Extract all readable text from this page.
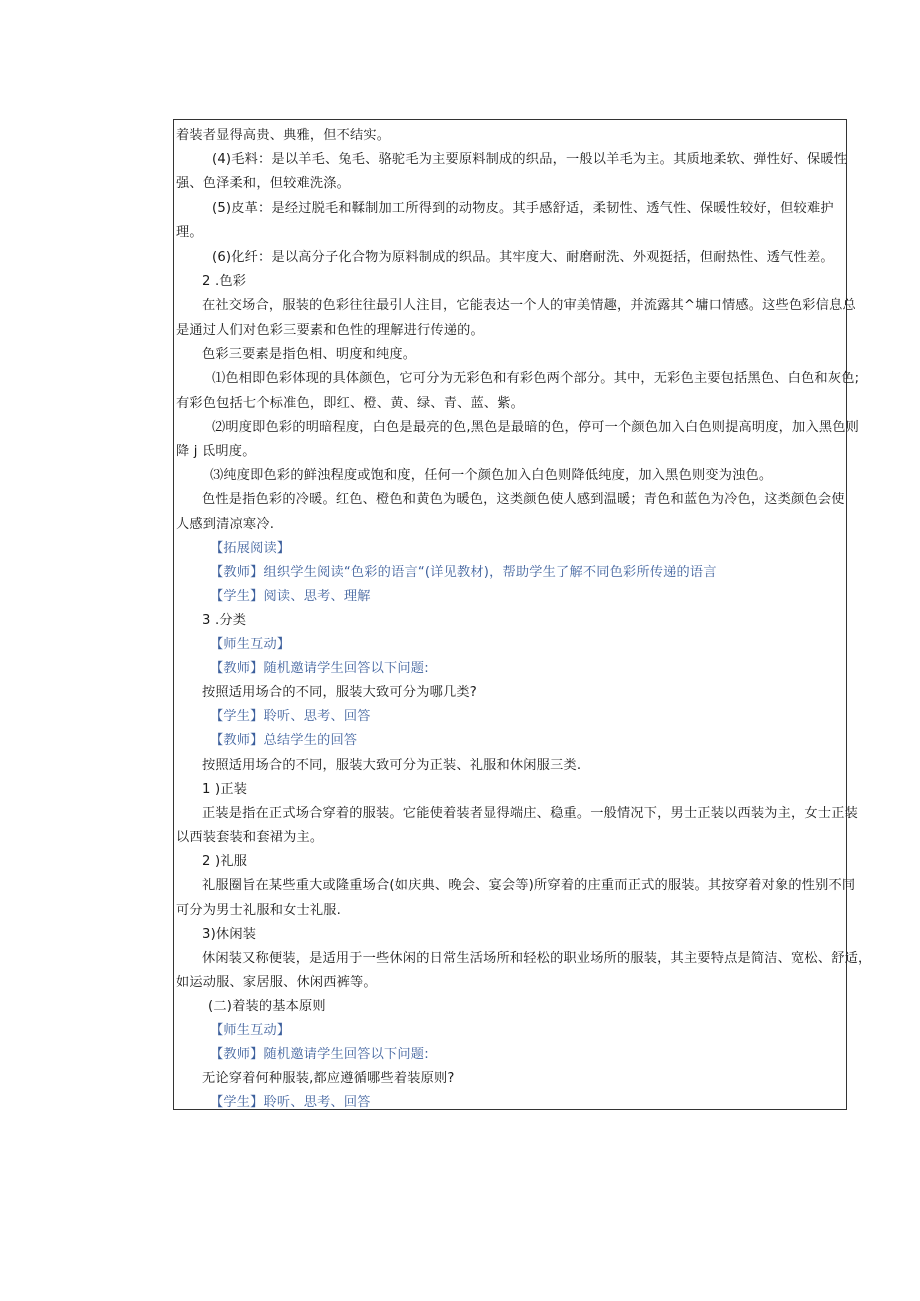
着装者显得高贵、典雅，但不结实。
(4)毛料：是以羊毛、兔毛、骆驼毛为主要原料制成的织品，一般以羊毛为主。其质地柔软、弹性好、保暖性
强、色泽柔和，但较难洗涤。
(5)皮革：是经过脱毛和鞣制加工所得到的动物皮。其手感舒适，柔韧性、透气性、保暖性较好，但较难护
理。
(6)化纤：是以高分子化合物为原料制成的织品。其牢度大、耐磨耐洗、外观挺括，但耐热性、透气性差。
2 .色彩
在社交场合，服装的色彩往往最引人注目，它能表达一个人的审美情趣，并流露其^墉口情感。这些色彩信息总
是通过人们对色彩三要素和色性的理解进行传递的。
色彩三要素是指色相、明度和纯度。
⑴色相即色彩体现的具体颜色，它可分为无彩色和有彩色两个部分。其中，无彩色主要包括黑色、白色和灰色;
有彩色包括七个标准色，即红、橙、黄、绿、青、蓝、紫。
⑵明度即色彩的明暗程度，白色是最亮的色,黑色是最暗的色，停可一个颜色加入白色则提高明度，加入黑色则
降 j 氐明度。
⑶纯度即色彩的鲜浊程度或饱和度，任何一个颜色加入白色则降低纯度，加入黑色则变为浊色。
色性是指色彩的冷暖。红色、橙色和黄色为暖色，这类颜色使人感到温暖；青色和蓝色为冷色，这类颜色会使
人感到清凉寒冷.
【拓展阅读】
【教师】组织学生阅读“色彩的语言“(详见教材)，帮助学生了解不同色彩所传递的语言
【学生】阅读、思考、理解
3 .分类
【师生互动】
【教师】随机邀请学生回答以下问题:
按照适用场合的不同，服装大致可分为哪几类?
【学生】聆听、思考、回答
【教师】总结学生的回答
按照适用场合的不同，服装大致可分为正装、礼服和休闲服三类.
1 )正装
正装是指在正式场合穿着的服装。它能使着装者显得端庄、稳重。一般情况下，男士正装以西装为主，女士正装
以西装套装和套裙为主。
2 )礼服
礼服圈旨在某些重大或隆重场合(如庆典、晚会、宴会等)所穿着的庄重而正式的服装。其按穿着对象的性别不同
可分为男士礼服和女士礼服.
3)休闲装
休闲装又称便装，是适用于一些休闲的日常生活场所和轻松的职业场所的服装，其主要特点是简洁、宽松、舒适，
如运动服、家居服、休闲西裤等。
(二)着装的基本原则
【师生互动】
【教师】随机邀请学生回答以下问题:
无论穿着何种服装,都应遵循哪些着装原则?
【学生】聆听、思考、回答
